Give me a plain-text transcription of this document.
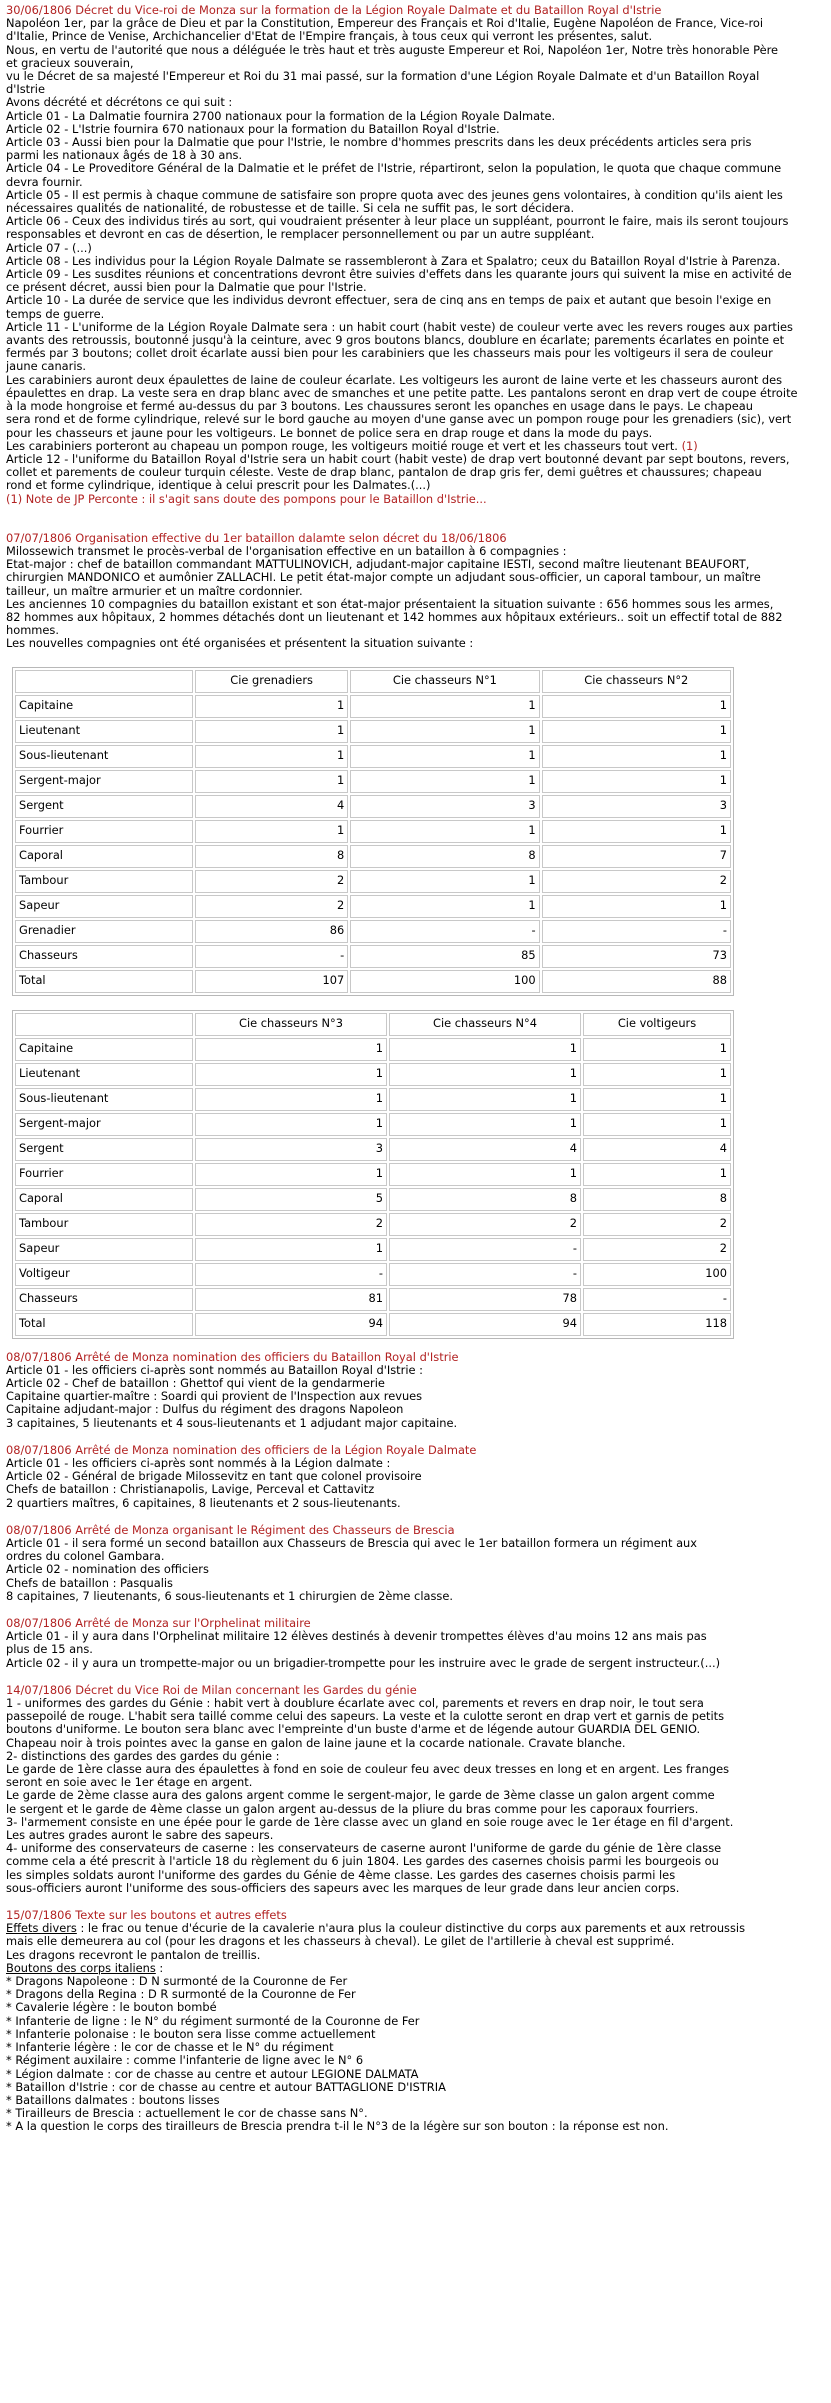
30/06/1806 Décret du Vice-roi de Monza sur la formation de la Légion Royale Dalmate et du Bataillon Royal d'Istrie
Napoléon 1er, par la grâce de Dieu et par la Constitution, Empereur des Français et Roi d'Italie, Eugène Napoléon de France, Vice-roi
d'Italie, Prince de Venise, Archichancelier d'Etat de l'Empire français, à tous ceux qui verront les présentes, salut.
Nous, en vertu de l'autorité que nous a déléguée le très haut et très auguste Empereur et Roi, Napoléon 1er, Notre très honorable Père
et gracieux souverain,
vu le Décret de sa majesté l'Empereur et Roi du 31 mai passé, sur la formation d'une Légion Royale Dalmate et d'un Bataillon Royal
d'Istrie
Avons décrété et décrétons ce qui suit :
Article 01 - La Dalmatie fournira 2700 nationaux pour la formation de la Légion Royale Dalmate.
Article 02 - L'Istrie fournira 670 nationaux pour la formation du Bataillon Royal d'Istrie.
Article 03 - Aussi bien pour la Dalmatie que pour l'Istrie, le nombre d'hommes prescrits dans les deux précédents articles sera pris
parmi les nationaux âgés de 18 à 30 ans.
Article 04 - Le Proveditore Général de la Dalmatie et le préfet de l'Istrie, répartiront, selon la population, le quota que chaque commune
devra fournir.
Article 05 - Il est permis à chaque commune de satisfaire son propre quota avec des jeunes gens volontaires, à condition qu'ils aient les
nécessaires qualités de nationalité, de robustesse et de taille. Si cela ne suffit pas, le sort décidera.
Article 06 - Ceux des individus tirés au sort, qui voudraient présenter à leur place un suppléant, pourront le faire, mais ils seront toujours
responsables et devront en cas de désertion, le remplacer personnellement ou par un autre suppléant.
Article 07 - (...)
Article 08 - Les individus pour la Légion Royale Dalmate se rassembleront à Zara et Spalatro; ceux du Bataillon Royal d'Istrie à Parenza.
Article 09 - Les susdites réunions et concentrations devront être suivies d'effets dans les quarante jours qui suivent la mise en activité de
ce présent décret, aussi bien pour la Dalmatie que pour l'Istrie.
Article 10 - La durée de service que les individus devront effectuer, sera de cinq ans en temps de paix et autant que besoin l'exige en
temps de guerre.
Article 11 - L'uniforme de la Légion Royale Dalmate sera : un habit court (habit veste) de couleur verte avec les revers rouges aux parties
avants des retroussis, boutonné jusqu'à la ceinture, avec 9 gros boutons blancs, doublure en écarlate; parements écarlates en pointe et
fermés par 3 boutons; collet droit écarlate aussi bien pour les carabiniers que les chasseurs mais pour les voltigeurs il sera de couleur
jaune canaris.
Les carabiniers auront deux épaulettes de laine de couleur écarlate. Les voltigeurs les auront de laine verte et les chasseurs auront des
épaulettes en drap. La veste sera en drap blanc avec de smanches et une petite patte. Les pantalons seront en drap vert de coupe étroite
à la mode hongroise et fermé au-dessus du par 3 boutons. Les chaussures seront les opanches en usage dans le pays. Le chapeau
sera rond et de forme cylindrique, relevé sur le bord gauche au moyen d'une ganse avec un pompon rouge pour les grenadiers (sic), vert
pour les chasseurs et jaune pour les voltigeurs. Le bonnet de police sera en drap rouge et dans la mode du pays.
Les carabiniers porteront au chapeau un pompon rouge, les voltigeurs moitié rouge et vert et les chasseurs tout vert. (1)
Article 12 - l'uniforme du Bataillon Royal d'Istrie sera un habit court (habit veste) de drap vert boutonné devant par sept boutons, revers,
collet et parements de couleur turquin céleste. Veste de drap blanc, pantalon de drap gris fer, demi guêtres et chaussures; chapeau
rond et forme cylindrique, identique à celui prescrit pour les Dalmates.(...)
(1) Note de JP Perconte : il s'agit sans doute des pompons pour le Bataillon d'Istrie...
07/07/1806 Organisation effective du 1er bataillon dalamte selon décret du 18/06/1806
Milossewich transmet le procès-verbal de l'organisation effective en un bataillon à 6 compagnies :
Etat-major : chef de bataillon commandant MATTULINOVICH, adjudant-major capitaine IESTI, second maître lieutenant BEAUFORT,
chirurgien MANDONICO et aumônier ZALLACHI. Le petit état-major compte un adjudant sous-officier, un caporal tambour, un maître
tailleur, un maître armurier et un maître cordonnier.
Les anciennes 10 compagnies du bataillon existant et son état-major présentaient la situation suivante : 656 hommes sous les armes,
82 hommes aux hôpitaux, 2 hommes détachés dont un lieutenant et 142 hommes aux hôpitaux extérieurs.. soit un effectif total de 882
hommes.
Les nouvelles compagnies ont été organisées et présentent la situation suivante :
	Cie grenadiers	Cie chasseurs N°1	Cie chasseurs N°2
Capitaine	1	1	1
Lieutenant	1	1	1
Sous-lieutenant	1	1	1
Sergent-major	1	1	1
Sergent	4	3	3
Fourrier	1	1	1
Caporal	8	8	7
Tambour	2	1	2
Sapeur	2	1	1
Grenadier	86	-	-
Chasseurs	-	85	73
Total	107	100	88
	Cie chasseurs N°3	Cie chasseurs N°4	Cie voltigeurs
Capitaine	1	1	1
Lieutenant	1	1	1
Sous-lieutenant	1	1	1
Sergent-major	1	1	1
Sergent	3	4	4
Fourrier	1	1	1
Caporal	5	8	8
Tambour	2	2	2
Sapeur	1	-	2
Voltigeur	-	-	100
Chasseurs	81	78	-
Total	94	94	118
08/07/1806 Arrêté de Monza nomination des officiers du Bataillon Royal d'Istrie
Article 01 - les officiers ci-après sont nommés au Bataillon Royal d'Istrie :
Article 02 - Chef de bataillon : Ghettof qui vient de la gendarmerie
Capitaine quartier-maître : Soardi qui provient de l'Inspection aux revues
Capitaine adjudant-major : Dulfus du régiment des dragons Napoleon
3 capitaines, 5 lieutenants et 4 sous-lieutenants et 1 adjudant major capitaine.
08/07/1806 Arrêté de Monza nomination des officiers de la Légion Royale Dalmate
Article 01 - les officiers ci-après sont nommés à la Légion dalmate :
Article 02 - Général de brigade Milossevitz en tant que colonel provisoire
Chefs de bataillon : Christianapolis, Lavige, Perceval et Cattavitz
2 quartiers maîtres, 6 capitaines, 8 lieutenants et 2 sous-lieutenants.
08/07/1806 Arrêté de Monza organisant le Régiment des Chasseurs de Brescia
Article 01 - il sera formé un second bataillon aux Chasseurs de Brescia qui avec le 1er bataillon formera un régiment aux
ordres du colonel Gambara.
Article 02 - nomination des officiers
Chefs de bataillon : Pasqualis
8 capitaines, 7 lieutenants, 6 sous-lieutenants et 1 chirurgien de 2ème classe.
08/07/1806 Arrêté de Monza sur l'Orphelinat militaire
Article 01 - il y aura dans l'Orphelinat militaire 12 élèves destinés à devenir trompettes élèves d'au moins 12 ans mais pas
plus de 15 ans.
Article 02 - il y aura un trompette-major ou un brigadier-trompette pour les instruire avec le grade de sergent instructeur.(...)
14/07/1806 Décret du Vice Roi de Milan concernant les Gardes du génie
1 - uniformes des gardes du Génie : habit vert à doublure écarlate avec col, parements et revers en drap noir, le tout sera
passepoilé de rouge. L'habit sera taillé comme celui des sapeurs. La veste et la culotte seront en drap vert et garnis de petits
boutons d'uniforme. Le bouton sera blanc avec l'empreinte d'un buste d'arme et de légende autour GUARDIA DEL GENIO.
Chapeau noir à trois pointes avec la ganse en galon de laine jaune et la cocarde nationale. Cravate blanche.
2- distinctions des gardes des gardes du génie :
Le garde de 1ère classe aura des épaulettes à fond en soie de couleur feu avec deux tresses en long et en argent. Les franges
seront en soie avec le 1er étage en argent.
Le garde de 2ème classe aura des galons argent comme le sergent-major, le garde de 3ème classe un galon argent comme
le sergent et le garde de 4ème classe un galon argent au-dessus de la pliure du bras comme pour les caporaux fourriers.
3- l'armement consiste en une épée pour le garde de 1ère classe avec un gland en soie rouge avec le 1er étage en fil d'argent.
Les autres grades auront le sabre des sapeurs.
4- uniforme des conservateurs de caserne : les conservateurs de caserne auront l'uniforme de garde du génie de 1ère classe
comme cela a été prescrit à l'article 18 du règlement du 6 juin 1804. Les gardes des casernes choisis parmi les bourgeois ou
les simples soldats auront l'uniforme des gardes du Génie de 4ème classe. Les gardes des casernes choisis parmi les
sous-officiers auront l'uniforme des sous-officiers des sapeurs avec les marques de leur grade dans leur ancien corps.
15/07/1806 Texte sur les boutons et autres effets
Effets divers : le frac ou tenue d'écurie de la cavalerie n'aura plus la couleur distinctive du corps aux parements et aux retroussis
mais elle demeurera au col (pour les dragons et les chasseurs à cheval). Le gilet de l'artillerie à cheval est supprimé.
Les dragons recevront le pantalon de treillis.
Boutons des corps italiens :
* Dragons Napoleone : D N surmonté de la Couronne de Fer
* Dragons della Regina : D R surmonté de la Couronne de Fer
* Cavalerie légère : le bouton bombé
* Infanterie de ligne : le N° du régiment surmonté de la Couronne de Fer
* Infanterie polonaise : le bouton sera lisse comme actuellement
* Infanterie légère : le cor de chasse et le N° du régiment
* Régiment auxilaire : comme l'infanterie de ligne avec le N° 6
* Légion dalmate : cor de chasse au centre et autour LEGIONE DALMATA
* Bataillon d'Istrie : cor de chasse au centre et autour BATTAGLIONE D'ISTRIA
* Bataillons dalmates : boutons lisses
* Tirailleurs de Brescia : actuellement le cor de chasse sans N°.
* A la question le corps des tirailleurs de Brescia prendra t-il le N°3 de la légère sur son bouton : la réponse est non.
